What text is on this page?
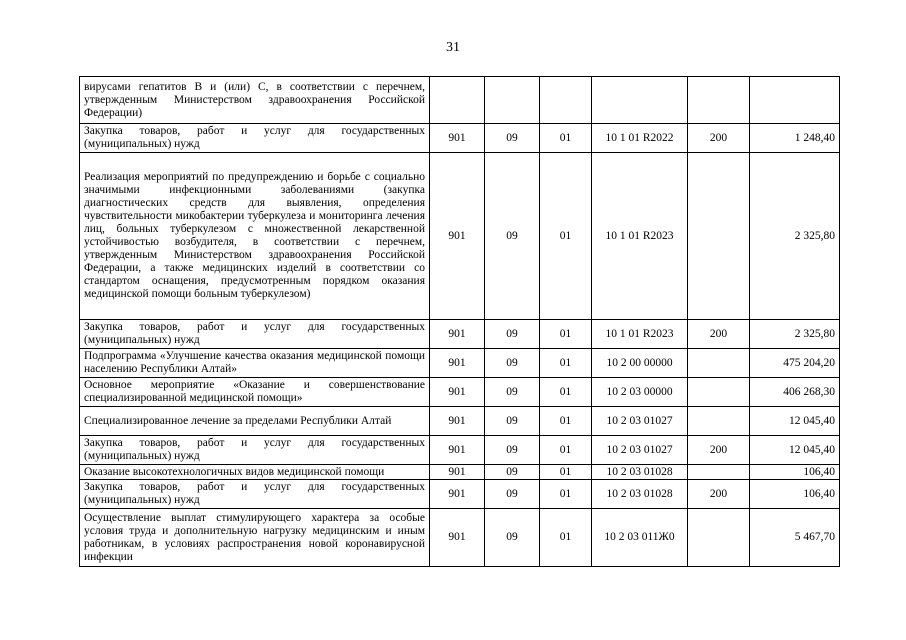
31
вирусами гепатитов В и (или) С, в соответствии с перечнем, утвержденным Министерством здравоохранения Российской Федерации)						
Закупка товаров, работ и услуг для государственных (муниципальных) нужд	901	09	01	10 1 01 R2022	200	1 248,40
Реализация мероприятий по предупреждению и борьбе с социально значимыми инфекционными заболеваниями (закупка диагностических средств для выявления, определения чувствительности микобактерии туберкулеза и мониторинга лечения лиц, больных туберкулезом с множественной лекарственной устойчивостью возбудителя, в соответствии с перечнем, утвержденным Министерством здравоохранения Российской Федерации, а также медицинских изделий в соответствии со стандартом оснащения, предусмотренным порядком оказания медицинской помощи больным туберкулезом)	901	09	01	10 1 01 R2023		2 325,80
Закупка товаров, работ и услуг для государственных (муниципальных) нужд	901	09	01	10 1 01 R2023	200	2 325,80
Подпрограмма «Улучшение качества оказания медицинской помощи населению Республики Алтай»	901	09	01	10 2 00 00000		475 204,20
Основное мероприятие «Оказание и совершенствование специализированной медицинской помощи»	901	09	01	10 2 03 00000		406 268,30
Специализированное лечение за пределами Республики Алтай	901	09	01	10 2 03 01027		12 045,40
Закупка товаров, работ и услуг для государственных (муниципальных) нужд	901	09	01	10 2 03 01027	200	12 045,40
Оказание высокотехнологичных видов медицинской помощи	901	09	01	10 2 03 01028		106,40
Закупка товаров, работ и услуг для государственных (муниципальных) нужд	901	09	01	10 2 03 01028	200	106,40
Осуществление выплат стимулирующего характера за особые условия труда и дополнительную нагрузку медицинским и иным работникам, в условиях распространения новой коронавирусной инфекции	901	09	01	10 2 03 011Ж0		5 467,70
